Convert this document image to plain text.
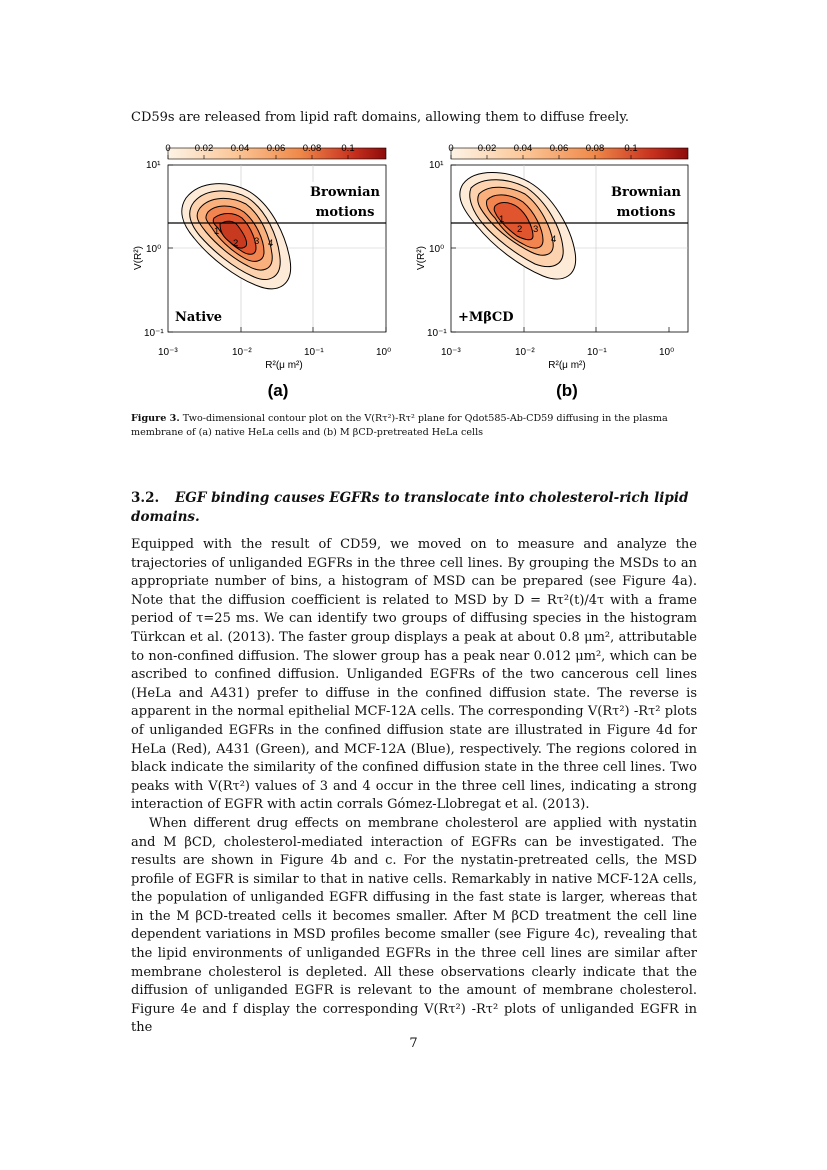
CD59s are released from lipid raft domains, allowing them to diffuse freely.
0	0.02 0.04 0.06 0.08 0.1
1
2 3 4
Brownian
motions
Native
10¹
10⁰
10⁻¹
V(R²)
10⁻³	10⁻²	10⁻¹	10⁰
R²(μ m²)
(a)
0	0.02 0.04 0.06 0.08 0.1
1
2 3
4
Brownian
motions
+MβCD
10¹
10⁰
10⁻¹
V(R²)
10⁻³	10⁻²	10⁻¹	10⁰
R²(μ m²)
(b)
Figure 3. Two-dimensional contour plot on the V(Rτ²)-Rτ² plane for Qdot585-Ab-CD59 diffusing in the plasma membrane of (a) native HeLa cells and (b) M βCD-pretreated HeLa cells
3.2. EGF binding causes EGFRs to translocate into cholesterol-rich lipid domains.

Equipped with the result of CD59, we moved on to measure and analyze the trajectories of unliganded EGFRs in the three cell lines. By grouping the MSDs to an appropriate number of bins, a histogram of MSD can be prepared (see Figure 4a). Note that the diffusion coefficient is related to MSD by D = Rτ²(t)/4τ with a frame period of τ=25 ms. We can identify two groups of diffusing species in the histogram Türkcan et al. (2013). The faster group displays a peak at about 0.8 μm², attributable to non-confined diffusion. The slower group has a peak near 0.012 μm², which can be ascribed to confined diffusion. Unliganded EGFRs of the two cancerous cell lines (HeLa and A431) prefer to diffuse in the confined diffusion state. The reverse is apparent in the normal epithelial MCF-12A cells. The corresponding V(Rτ²) -Rτ² plots of unliganded EGFRs in the confined diffusion state are illustrated in Figure 4d for HeLa (Red), A431 (Green), and MCF-12A (Blue), respectively. The regions colored in black indicate the similarity of the confined diffusion state in the three cell lines. Two peaks with V(Rτ²) values of 3 and 4 occur in the three cell lines, indicating a strong interaction of EGFR with actin corrals Gómez-Llobregat et al. (2013).

When different drug effects on membrane cholesterol are applied with nystatin and M βCD, cholesterol-mediated interaction of EGFRs can be investigated. The results are shown in Figure 4b and c. For the nystatin-pretreated cells, the MSD profile of EGFR is similar to that in native cells. Remarkably in native MCF-12A cells, the population of unliganded EGFR diffusing in the fast state is larger, whereas that in the M βCD-treated cells it becomes smaller. After M βCD treatment the cell line dependent variations in MSD profiles become smaller (see Figure 4c), revealing that the lipid environments of unliganded EGFRs in the three cell lines are similar after membrane cholesterol is depleted. All these observations clearly indicate that the diffusion of unliganded EGFR is relevant to the amount of membrane cholesterol. Figure 4e and f display the corresponding V(Rτ²) -Rτ² plots of unliganded EGFR in the

7
